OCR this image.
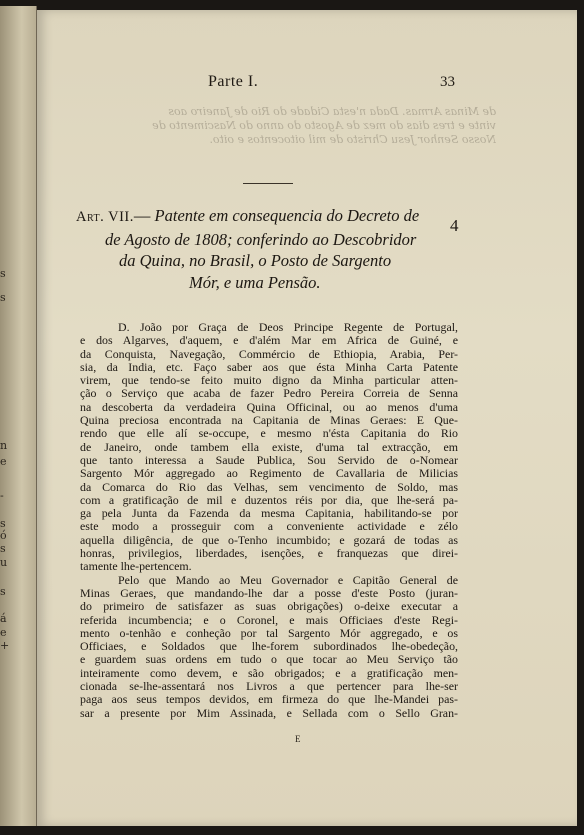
s
s
n
e
-
s
ó
s
u
s
á
e
+
de Minas Armas. Dada n'esta Cidade do Rio de Janeiro aos
vinte e tres dias do mez de Agosto do anno do Nascimento de
Nosso Senhor Jesu Christo de mil oitocentos e oito.
Parte I.	33
Art. VII.— Patente em consequencia do Decreto de
4
de Agosto de 1808; conferindo ao Descobridor
da Quina, no Brasil, o Posto de Sargento
Mór, e uma Pensão.
D. João por Graça de Deos Principe Regente de Portugal,
e dos Algarves, d'aquem, e d'além Mar em Africa de Guiné, e
da Conquista, Navegação, Commércio de Ethiopia, Arabia, Per-
sia, da India, etc. Faço saber aos que ésta Minha Carta Patente
virem, que tendo-se feito muito digno da Minha particular atten-
ção o Serviço que acaba de fazer Pedro Pereira Correia de Senna
na descoberta da verdadeira Quina Officinal, ou ao menos d'uma
Quina preciosa encontrada na Capitania de Minas Geraes: E Que-
rendo que elle alí se-occupe, e mesmo n'ésta Capitania do Rio
de Janeiro, onde tambem ella existe, d'uma tal extracção, em
que tanto interessa a Saude Publica, Sou Servido de o-Nomear
Sargento Mór aggregado ao Regimento de Cavallaria de Milicias
da Comarca do Rio das Velhas, sem vencimento de Soldo, mas
com a gratificação de mil e duzentos réis por dia, que lhe-será pa-
ga pela Junta da Fazenda da mesma Capitania, habilitando-se por
este modo a prosseguir com a conveniente actividade e zélo
aquella diligência, de que o-Tenho incumbido; e gozará de todas as
honras, privilegios, liberdades, isenções, e franquezas que direi-
tamente lhe-pertencem.
Pelo que Mando ao Meu Governador e Capitão General de
Minas Geraes, que mandando-lhe dar a posse d'este Posto (juran-
do primeiro de satisfazer as suas obrigações) o-deixe executar a
referida incumbencia; e o Coronel, e mais Officiaes d'este Regi-
mento o-tenhão e conheção por tal Sargento Mór aggregado, e os
Officiaes, e Soldados que lhe-forem subordinados lhe-obedeção,
e guardem suas ordens em tudo o que tocar ao Meu Serviço tão
inteiramente como devem, e são obrigados; e a gratificação men-
cionada se-lhe-assentará nos Livros a que pertencer para lhe-ser
paga aos seus tempos devidos, em firmeza do que lhe-Mandei pas-
sar a presente por Mim Assinada, e Sellada com o Sello Gran-
E
